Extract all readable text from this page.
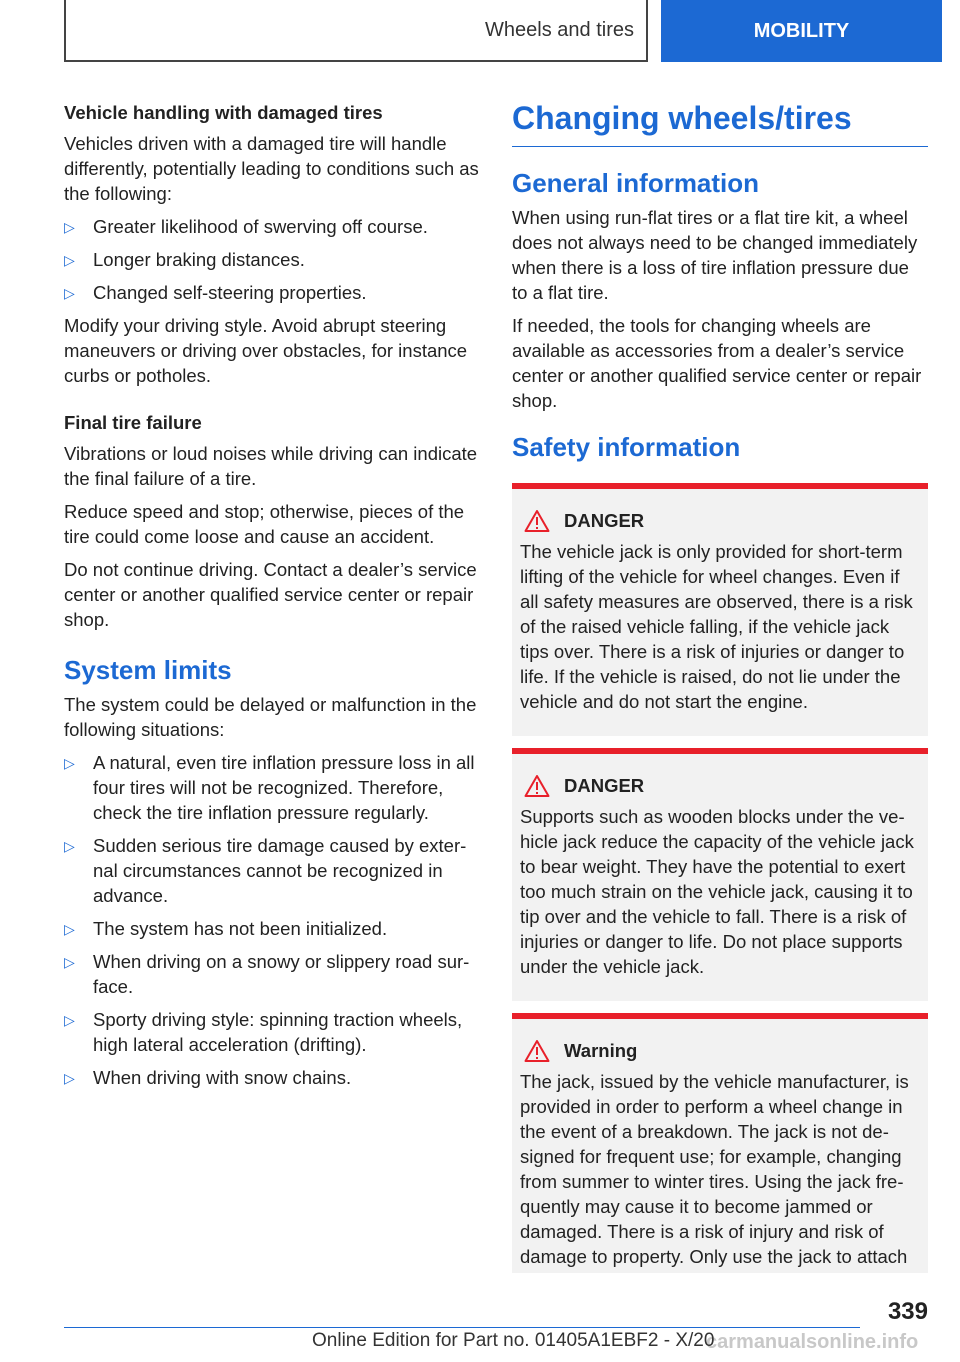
Wheels and tires	MOBILITY
Vehicle handling with damaged tires

Vehicles driven with a damaged tire will handle differently, potentially leading to conditions such as the following:

▷ Greater likelihood of swerving off course.
▷ Longer braking distances.
▷ Changed self-steering properties.

Modify your driving style. Avoid abrupt steering maneuvers or driving over obstacles, for instance curbs or potholes.

Final tire failure

Vibrations or loud noises while driving can indicate the final failure of a tire.

Reduce speed and stop; otherwise, pieces of the tire could come loose and cause an accident.

Do not continue driving. Contact a dealer’s service center or another qualified service center or repair shop.

System limits

The system could be delayed or malfunction in the following situations:

▷ A natural, even tire inflation pressure loss in all four tires will not be recognized. Therefore, check the tire inflation pressure regularly.
▷ Sudden serious tire damage caused by external circumstances cannot be recognized in advance.
▷ The system has not been initialized.
▷ When driving on a snowy or slippery road surface.
▷ Sporty driving style: spinning traction wheels, high lateral acceleration (drifting).
▷ When driving with snow chains.
Changing wheels/tires
General information

When using run-flat tires or a flat tire kit, a wheel does not always need to be changed immediately when there is a loss of tire inflation pressure due to a flat tire.

If needed, the tools for changing wheels are available as accessories from a dealer’s service center or another qualified service center or repair shop.

Safety information
DANGER

The vehicle jack is only provided for short-term lifting of the vehicle for wheel changes. Even if all safety measures are observed, there is a risk of the raised vehicle falling, if the vehicle jack tips over. There is a risk of injuries or danger to life. If the vehicle is raised, do not lie under the vehicle and do not start the engine.

DANGER

Supports such as wooden blocks under the vehicle jack reduce the capacity of the vehicle jack to bear weight. They have the potential to exert too much strain on the vehicle jack, causing it to tip over and the vehicle to fall. There is a risk of injuries or danger to life. Do not place supports under the vehicle jack.

Warning

The jack, issued by the vehicle manufacturer, is provided in order to perform a wheel change in the event of a breakdown. The jack is not designed for frequent use; for example, changing from summer to winter tires. Using the jack frequently may cause it to become jammed or damaged. There is a risk of injury and risk of damage to property. Only use the jack to attach

339
carmanualsonline.info
Online Edition for Part no. 01405A1EBF2 - X/20
